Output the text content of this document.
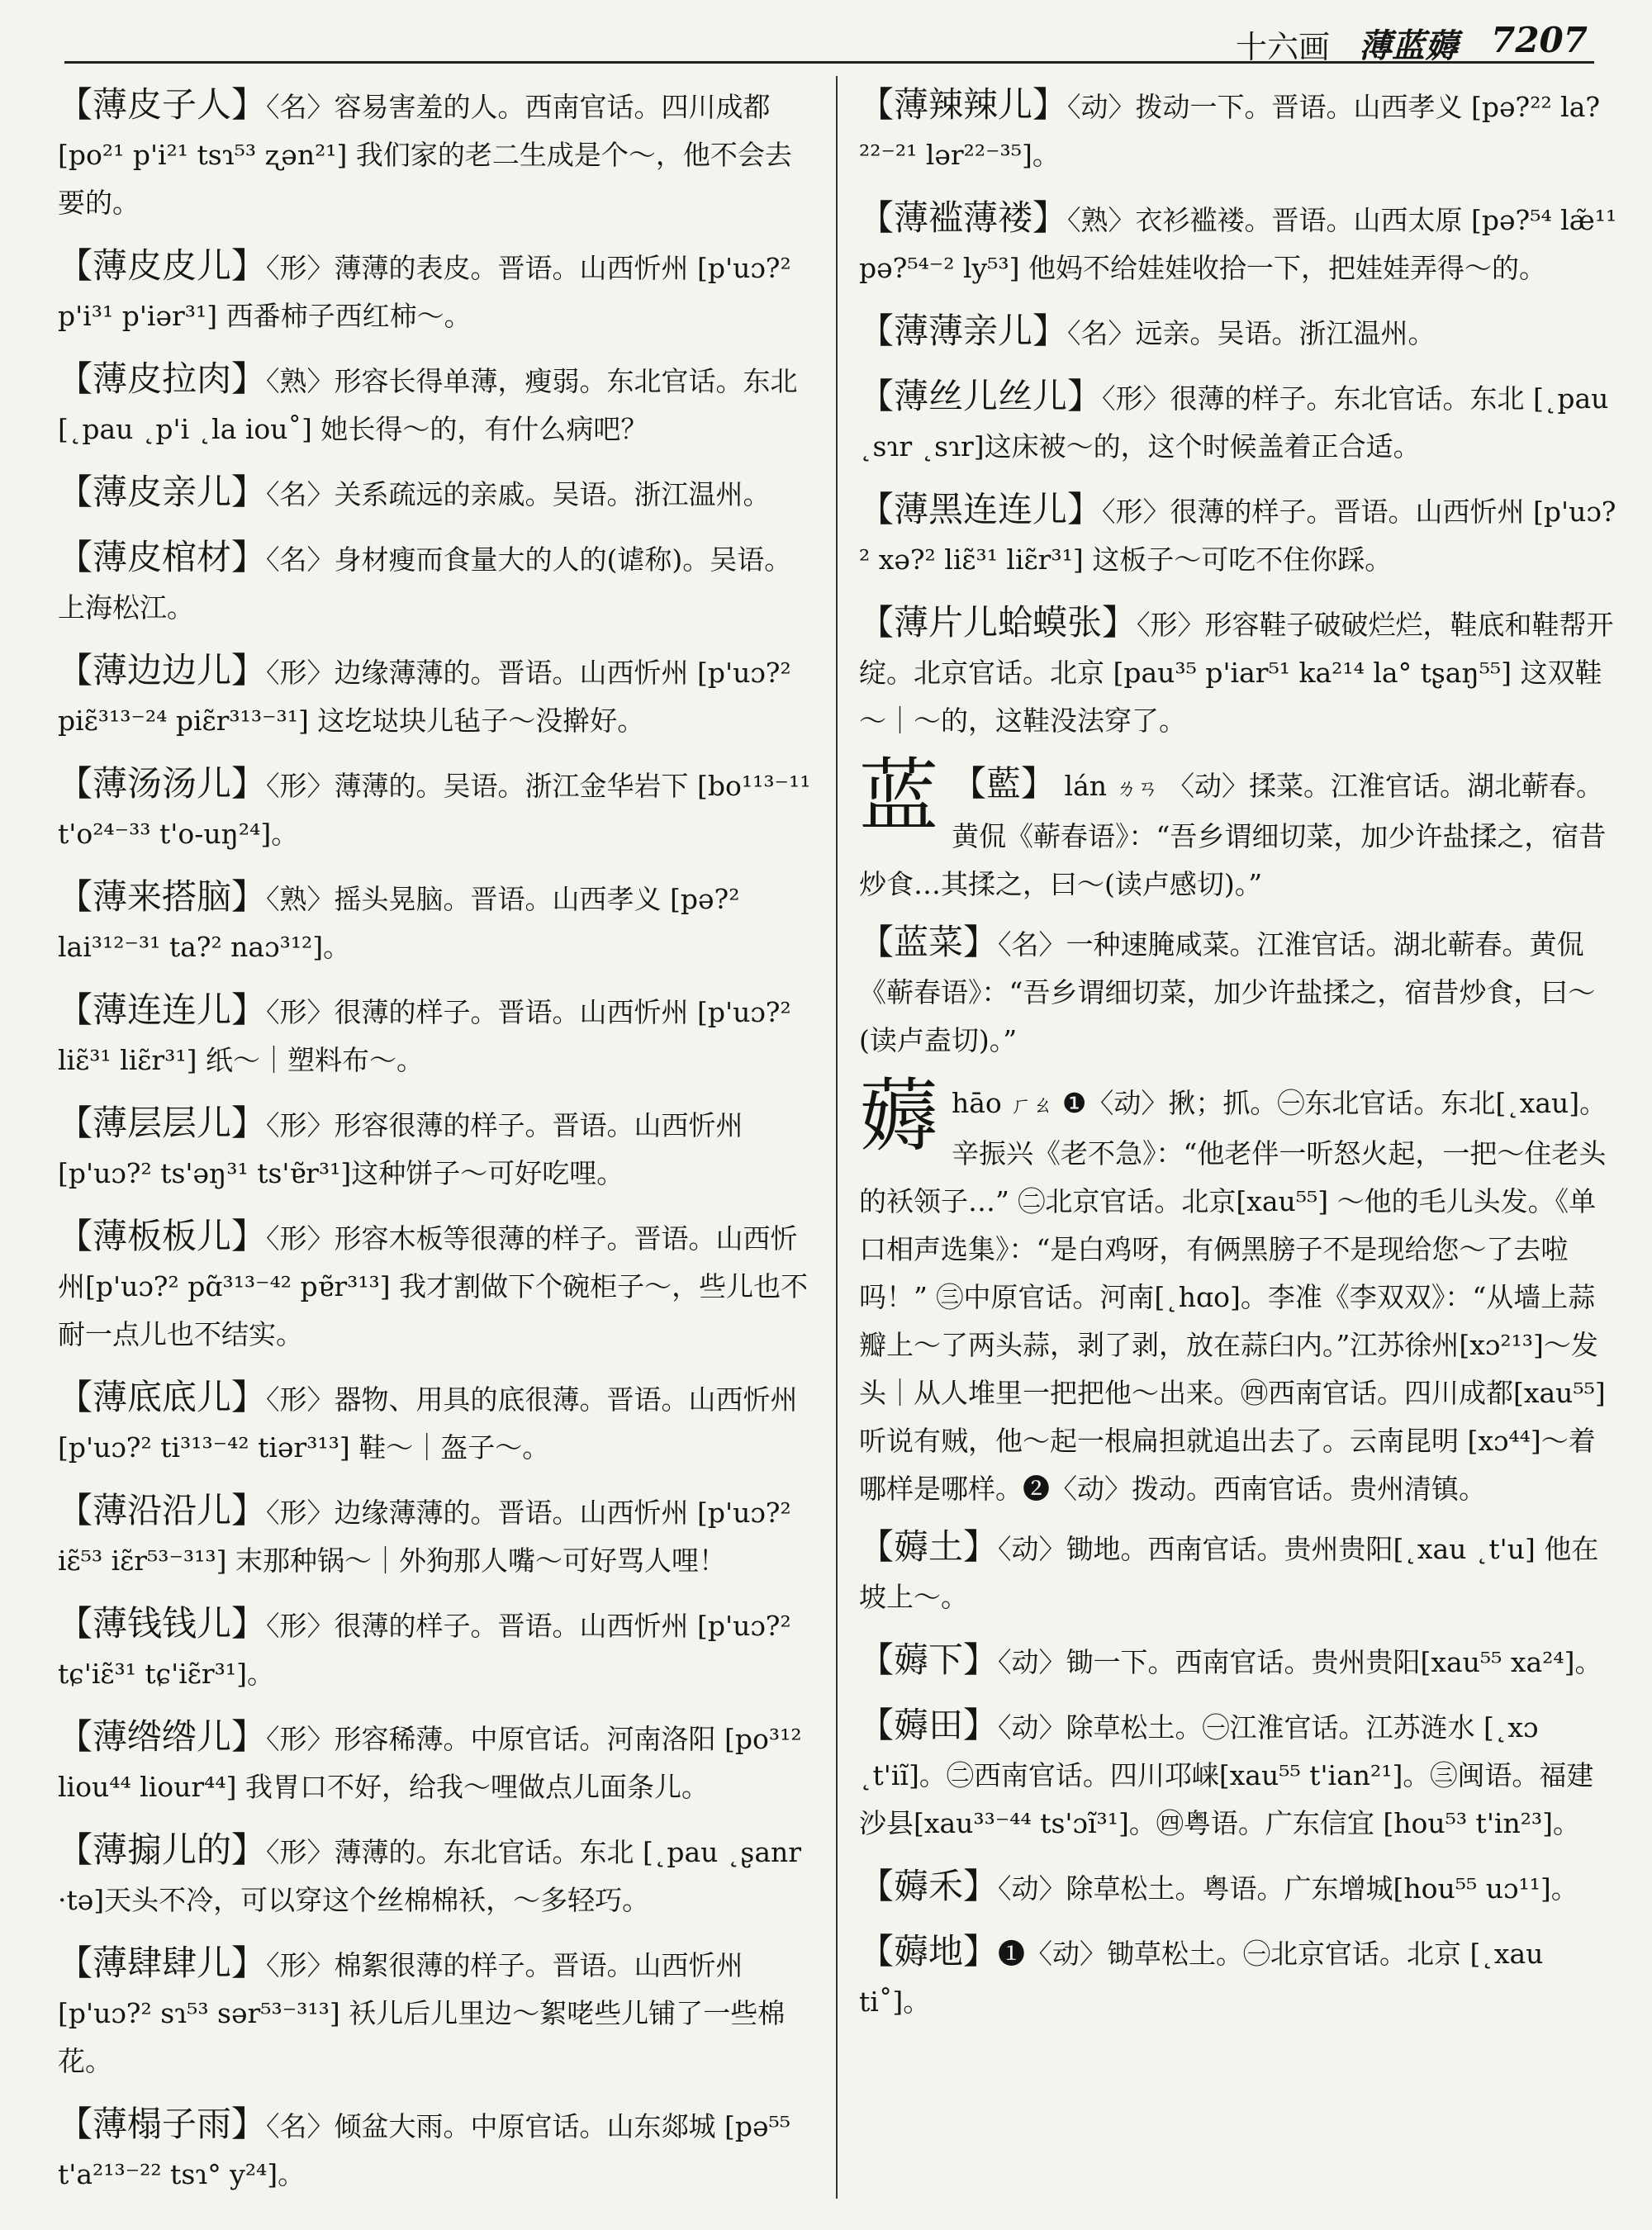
十六画 薄蓝薅 7207
【薄皮子人】〈名〉容易害羞的人。西南官话。四川成都[po²¹ p'i²¹ tsɿ⁵³ ʐən²¹] 我们家的老二生成是个～，他不会去要的。
【薄皮皮儿】〈形〉薄薄的表皮。晋语。山西忻州 [p'uɔ?² p'i³¹ p'iər³¹] 西番柿子西红柿～。
【薄皮拉肉】〈熟〉形容长得单薄，瘦弱。东北官话。东北[˛pau ˛p'i ˛la iou˚] 她长得～的，有什么病吧？
【薄皮亲儿】〈名〉关系疏远的亲戚。吴语。浙江温州。
【薄皮棺材】〈名〉身材瘦而食量大的人的(谑称)。吴语。上海松江。
【薄边边儿】〈形〉边缘薄薄的。晋语。山西忻州 [p'uɔ?² piɛ̃³¹³⁻²⁴ piɛ̃r³¹³⁻³¹] 这圪垯块儿毡子～没擀好。
【薄汤汤儿】〈形〉薄薄的。吴语。浙江金华岩下 [bo¹¹³⁻¹¹ t'o²⁴⁻³³ t'o-uŋ²⁴]。
【薄来搭脑】〈熟〉摇头晃脑。晋语。山西孝义 [pə?² lai³¹²⁻³¹ ta?² naɔ³¹²]。
【薄连连儿】〈形〉很薄的样子。晋语。山西忻州 [p'uɔ?² liɛ̃³¹ liɛ̃r³¹] 纸～｜塑料布～。
【薄层层儿】〈形〉形容很薄的样子。晋语。山西忻州 [p'uɔ?² ts'əŋ³¹ ts'ɐ̃r³¹]这种饼子～可好吃哩。
【薄板板儿】〈形〉形容木板等很薄的样子。晋语。山西忻州[p'uɔ?² pɑ̃³¹³⁻⁴² pɐ̃r³¹³] 我才割做下个碗柜子～，些儿也不耐一点儿也不结实。
【薄底底儿】〈形〉器物、用具的底很薄。晋语。山西忻州[p'uɔ?² ti³¹³⁻⁴² tiər³¹³] 鞋～｜盔子～。
【薄沿沿儿】〈形〉边缘薄薄的。晋语。山西忻州 [p'uɔ?² iɛ̃⁵³ iɛ̃r⁵³⁻³¹³] 末那种锅～｜外狗那人嘴～可好骂人哩！
【薄钱钱儿】〈形〉很薄的样子。晋语。山西忻州 [p'uɔ?² tɕ'iɛ̃³¹ tɕ'iɛ̃r³¹]。
【薄绺绺儿】〈形〉形容稀薄。中原官话。河南洛阳 [po³¹² liou⁴⁴ liour⁴⁴] 我胃口不好，给我～哩做点儿面条儿。
【薄搧儿的】〈形〉薄薄的。东北官话。东北 [˛pau ˛ʂanr ·tə]天头不冷，可以穿这个丝棉棉袄，～多轻巧。
【薄肆肆儿】〈形〉棉絮很薄的样子。晋语。山西忻州 [p'uɔ?² sɿ⁵³ sər⁵³⁻³¹³] 袄儿后儿里边～絮咾些儿铺了一些棉花。
【薄榻子雨】〈名〉倾盆大雨。中原官话。山东郯城 [pə⁵⁵ t'a²¹³⁻²² tsɿ° y²⁴]。
【薄辣辣儿】〈动〉拨动一下。晋语。山西孝义 [pə?²² la?²²⁻²¹ lər²²⁻³⁵]。
【薄褴薄褛】〈熟〉衣衫褴褛。晋语。山西太原 [pə?⁵⁴ læ̃¹¹ pə?⁵⁴⁻² ly⁵³] 他妈不给娃娃收拾一下，把娃娃弄得～的。
【薄薄亲儿】〈名〉远亲。吴语。浙江温州。
【薄丝儿丝儿】〈形〉很薄的样子。东北官话。东北 [˛pau ˛sɿr ˛sɿr]这床被～的，这个时候盖着正合适。
【薄黑连连儿】〈形〉很薄的样子。晋语。山西忻州 [p'uɔ?² xə?² liɛ̃³¹ liɛ̃r³¹] 这板子～可吃不住你踩。
【薄片儿蛤蟆张】〈形〉形容鞋子破破烂烂，鞋底和鞋帮开绽。北京官话。北京 [pau³⁵ p'iar⁵¹ ka²¹⁴ la° tʂaŋ⁵⁵] 这双鞋～｜～的，这鞋没法穿了。
蓝 【藍】 lán ㄌㄢ 〈动〉揉菜。江淮官话。湖北蕲春。黄侃《蕲春语》：“吾乡谓细切菜，加少许盐揉之，宿昔炒食…其揉之，曰～(读卢感切)。”
【蓝菜】〈名〉一种速腌咸菜。江淮官话。湖北蕲春。黄侃《蕲春语》：“吾乡谓细切菜，加少许盐揉之，宿昔炒食，曰～(读卢盍切)。”
薅 hāo ㄏㄠ ❶〈动〉揪；抓。㊀东北官话。东北[˛xau]。辛振兴《老不急》：“他老伴一听怒火起，一把～住老头的袄领子…” ㊁北京官话。北京[xau⁵⁵] ～他的毛儿头发。《单口相声选集》：“是白鸡呀，有俩黑膀子不是现给您～了去啦吗！” ㊂中原官话。河南[˛hɑo]。李准《李双双》：“从墙上蒜瓣上～了两头蒜，剥了剥，放在蒜臼内。”江苏徐州[xɔ²¹³]～发头｜从人堆里一把把他～出来。㊃西南官话。四川成都[xau⁵⁵] 听说有贼，他～起一根扁担就追出去了。云南昆明 [xɔ⁴⁴]～着哪样是哪样。❷〈动〉拨动。西南官话。贵州清镇。
【薅土】〈动〉锄地。西南官话。贵州贵阳[˛xau ˛t'u] 他在坡上～。
【薅下】〈动〉锄一下。西南官话。贵州贵阳[xau⁵⁵ xa²⁴]。
【薅田】〈动〉除草松土。㊀江淮官话。江苏涟水 [˛xɔ ˛t'iĩ]。㊁西南官话。四川邛崃[xau⁵⁵ t'ian²¹]。㊂闽语。福建沙县[xau³³⁻⁴⁴ ts'ɔĩ³¹]。㊃粤语。广东信宜 [hou⁵³ t'in²³]。
【薅禾】〈动〉除草松土。粤语。广东增城[hou⁵⁵ uɔ¹¹]。
【薅地】❶〈动〉锄草松土。㊀北京官话。北京 [˛xau ti˚]。
